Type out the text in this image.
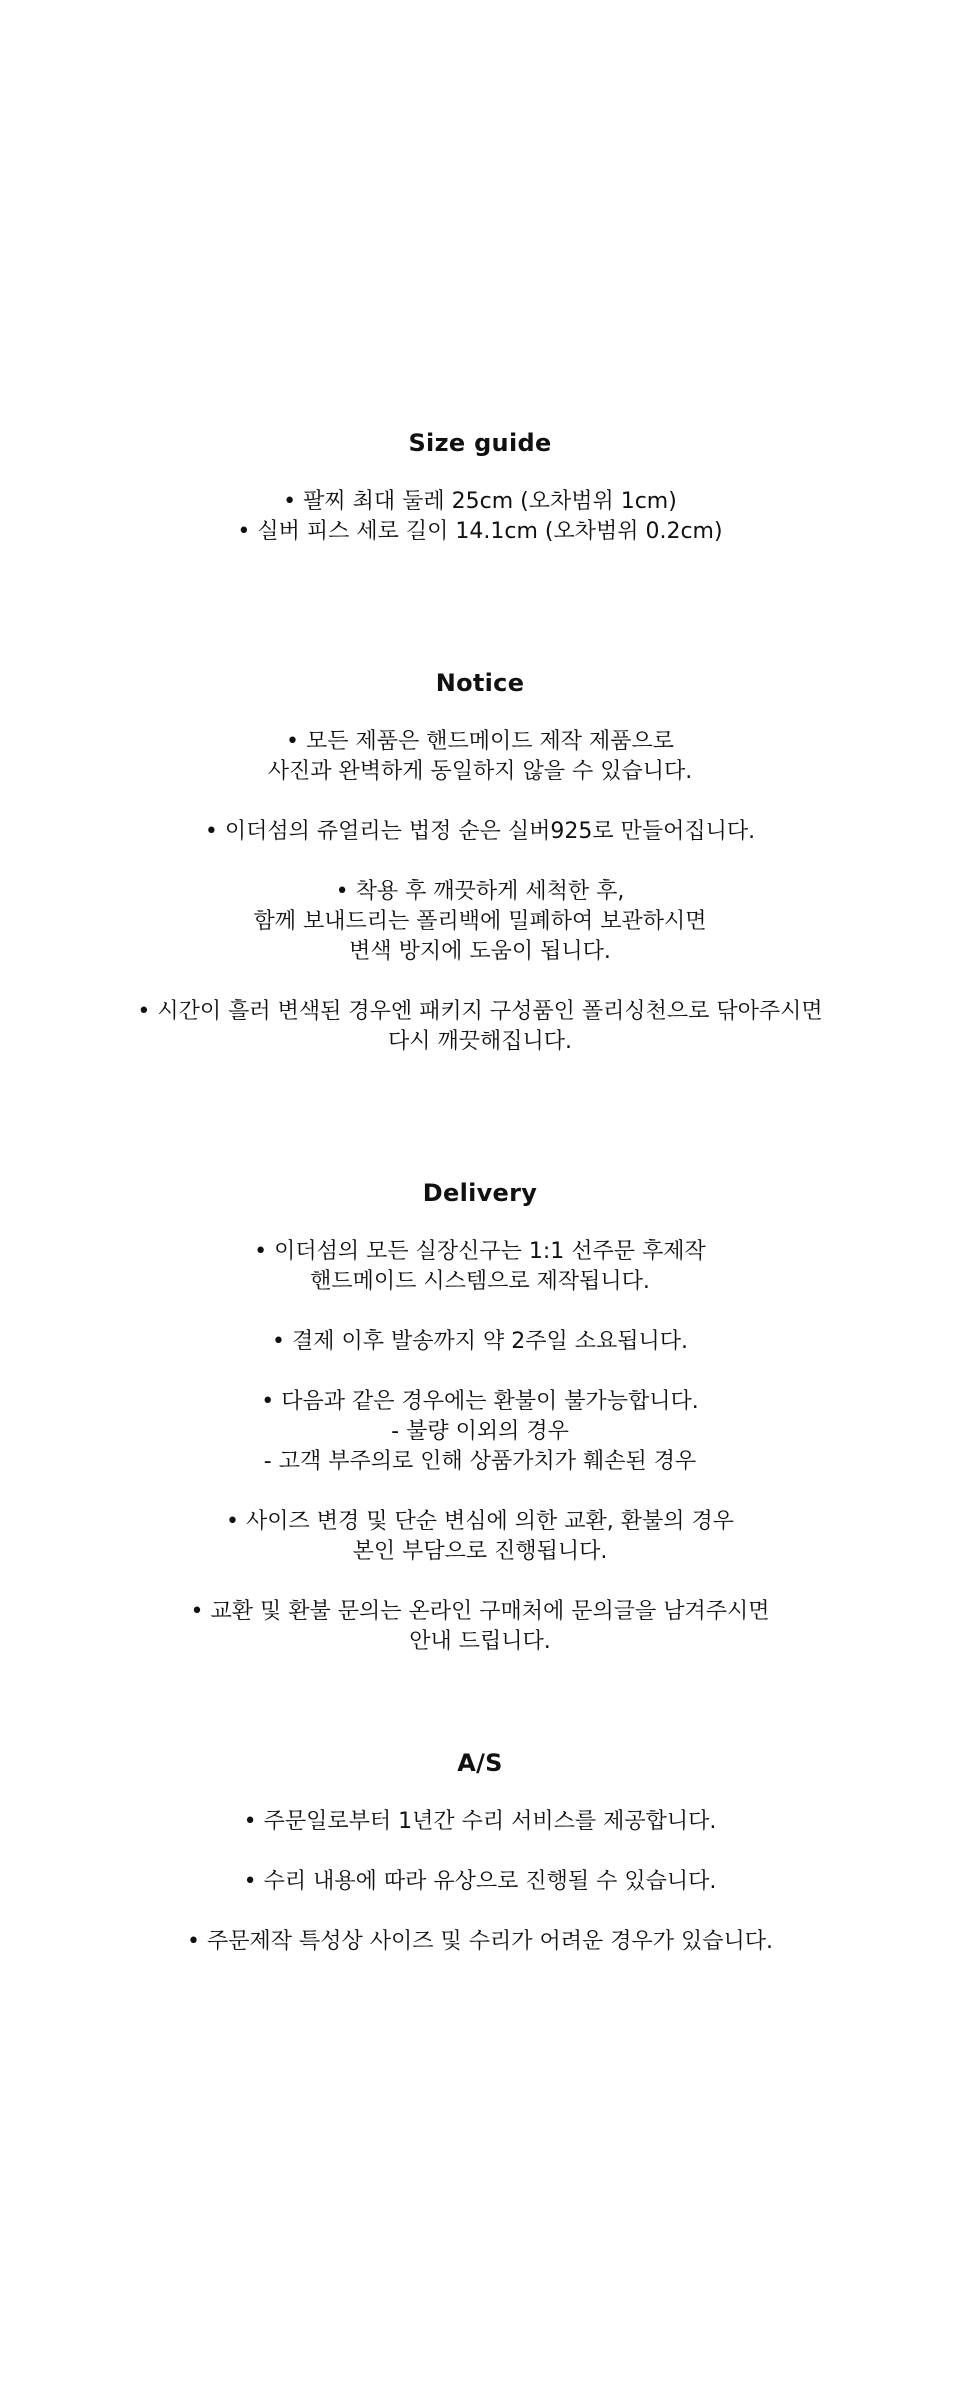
Size guide

• 팔찌 최대 둘레 25cm (오차범위 1cm)

• 실버 피스 세로 길이 14.1cm (오차범위 0.2cm)

Notice

• 모든 제품은 핸드메이드 제작 제품으로

사진과 완벽하게 동일하지 않을 수 있습니다.

• 이더섬의 쥬얼리는 법정 순은 실버925로 만들어집니다.

• 착용 후 깨끗하게 세척한 후,

함께 보내드리는 폴리백에 밀폐하여 보관하시면

변색 방지에 도움이 됩니다.

• 시간이 흘러 변색된 경우엔 패키지 구성품인 폴리싱천으로 닦아주시면

다시 깨끗해집니다.

Delivery

• 이더섬의 모든 실장신구는 1:1 선주문 후제작

핸드메이드 시스템으로 제작됩니다.

• 결제 이후 발송까지 약 2주일 소요됩니다.

• 다음과 같은 경우에는 환불이 불가능합니다.

- 불량 이외의 경우

- 고객 부주의로 인해 상품가치가 훼손된 경우

• 사이즈 변경 및 단순 변심에 의한 교환, 환불의 경우

본인 부담으로 진행됩니다.

• 교환 및 환불 문의는 온라인 구매처에 문의글을 남겨주시면

안내 드립니다.

A/S

• 주문일로부터 1년간 수리 서비스를 제공합니다.

• 수리 내용에 따라 유상으로 진행될 수 있습니다.

• 주문제작 특성상 사이즈 및 수리가 어려운 경우가 있습니다.
